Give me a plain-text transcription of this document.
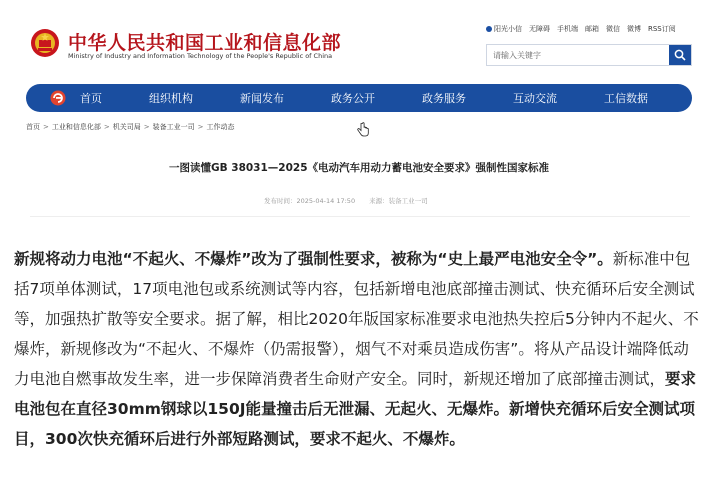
中华人民共和国工业和信息化部
Ministry of Industry and Information Technology of the People's Republic of China
阳光小信 无障碍 手机端 邮箱 微信 微博 RSS订阅
请输入关键字
首页	组织机构	新闻发布	政务公开	政务服务	互动交流	工信数据
首页 > 工业和信息化部 > 机关司局 > 装备工业一司 > 工作动态
一图读懂GB 38031—2025《电动汽车用动力蓄电池安全要求》强制性国家标准
发布时间：2025-04-14 17:50 来源：装备工业一司
新规将动力电池“不起火、不爆炸”改为了强制性要求，被称为“史上最严电池安全令”。新标准中包括7项单体测试，17项电池包或系统测试等内容，包括新增电池底部撞击测试、快充循环后安全测试等，加强热扩散等安全要求。据了解，相比2020年版国家标准要求电池热失控后5分钟内不起火、不爆炸，新规修改为“不起火、不爆炸（仍需报警），烟气不对乘员造成伤害”。将从产品设计端降低动力电池自燃事故发生率，进一步保障消费者生命财产安全。同时，新规还增加了底部撞击测试，要求电池包在直径30mm钢球以150J能量撞击后无泄漏、无起火、无爆炸。新增快充循环后安全测试项目，300次快充循环后进行外部短路测试，要求不起火、不爆炸。
